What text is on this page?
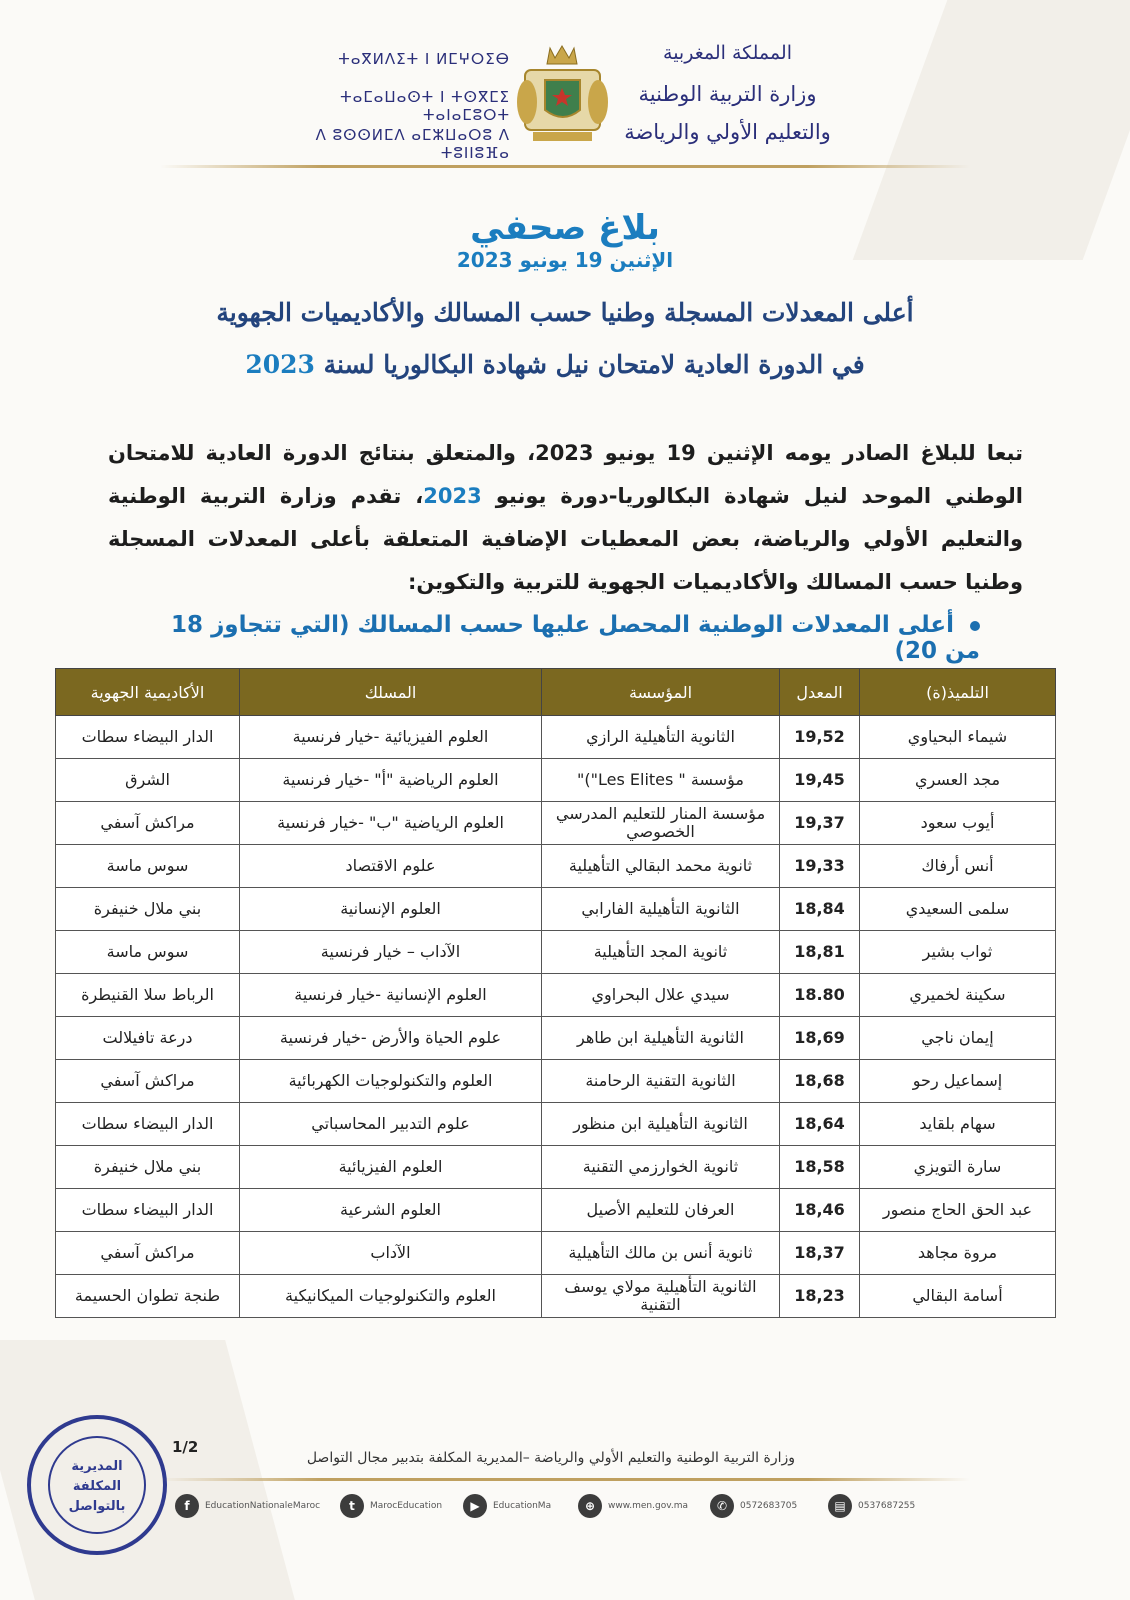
ⵜⴰⴳⵍⴷⵉⵜ ⵏ ⵍⵎⵖⵔⵉⴱ
ⵜⴰⵎⴰⵡⴰⵙⵜ ⵏ ⵜⵙⴳⵎⵉ ⵜⴰⵏⴰⵎⵓⵔⵜ
ⴷ ⵓⵙⵙⵍⵎⴷ ⴰⵎⵣⵡⴰⵔⵓ ⴷ ⵜⵓⵏⵏⵓⴼⴰ
المملكة المغربية
وزارة التربية الوطنية
والتعليم الأولي والرياضة
بلاغ صحفي
الإثنين 19 يونيو 2023
أعلى المعدلات المسجلة وطنيا حسب المسالك والأكاديميات الجهوية
في الدورة العادية لامتحان نيل شهادة البكالوريا لسنة 2023
تبعا للبلاغ الصادر يومه الإثنين 19 يونيو 2023، والمتعلق بنتائج الدورة العادية للامتحان الوطني الموحد لنيل شهادة البكالوريا-دورة يونيو 2023، تقدم وزارة التربية الوطنية والتعليم الأولي والرياضة، بعض المعطيات الإضافية المتعلقة بأعلى المعدلات المسجلة وطنيا حسب المسالك والأكاديميات الجهوية للتربية والتكوين:
أعلى المعدلات الوطنية المحصل عليها حسب المسالك (التي تتجاوز 18 من 20)
التلميذ(ة)	المعدل	المؤسسة	المسلك	الأكاديمية الجهوية
شيماء البحياوي	19,52	الثانوية التأهيلية الرازي	العلوم الفيزيائية -خيار فرنسية	الدار البيضاء سطات
مجد العسري	19,45	مؤسسة " Les Elites")"	العلوم الرياضية "أ" -خيار فرنسية	الشرق
أيوب سعود	19,37	مؤسسة المنار للتعليم المدرسي الخصوصي	العلوم الرياضية "ب" -خيار فرنسية	مراكش آسفي
أنس أرفاك	19,33	ثانوية محمد البقالي التأهيلية	علوم الاقتصاد	سوس ماسة
سلمى السعيدي	18,84	الثانوية التأهيلية الفارابي	العلوم الإنسانية	بني ملال خنيفرة
ثواب بشير	18,81	ثانوية المجد التأهيلية	الآداب – خيار فرنسية	سوس ماسة
سكينة لخميري	18.80	سيدي علال البحراوي	العلوم الإنسانية -خيار فرنسية	الرباط سلا القنيطرة
إيمان ناجي	18,69	الثانوية التأهيلية ابن طاهر	علوم الحياة والأرض -خيار فرنسية	درعة تافيلالت
إسماعيل رحو	18,68	الثانوية التقنية الرحامنة	العلوم والتكنولوجيات الكهربائية	مراكش آسفي
سهام بلقايد	18,64	الثانوية التأهيلية ابن منظور	علوم التدبير المحاسباتي	الدار البيضاء سطات
سارة التويزي	18,58	ثانوية الخوارزمي التقنية	العلوم الفيزيائية	بني ملال خنيفرة
عبد الحق الحاج منصور	18,46	العرفان للتعليم الأصيل	العلوم الشرعية	الدار البيضاء سطات
مروة مجاهد	18,37	ثانوية أنس بن مالك التأهيلية	الآداب	مراكش آسفي
أسامة البقالي	18,23	الثانوية التأهيلية مولاي يوسف التقنية	العلوم والتكنولوجيات الميكانيكية	طنجة تطوان الحسيمة
المديرية
المكلفة
بالتواصل
1/2
وزارة التربية الوطنية والتعليم الأولي والرياضة –المديرية المكلفة بتدبير مجال التواصل
f	EducationNationaleMaroc	t	MarocEducation	▶	EducationMa	⊕	www.men.gov.ma	✆	0572683705	▤	0537687255
